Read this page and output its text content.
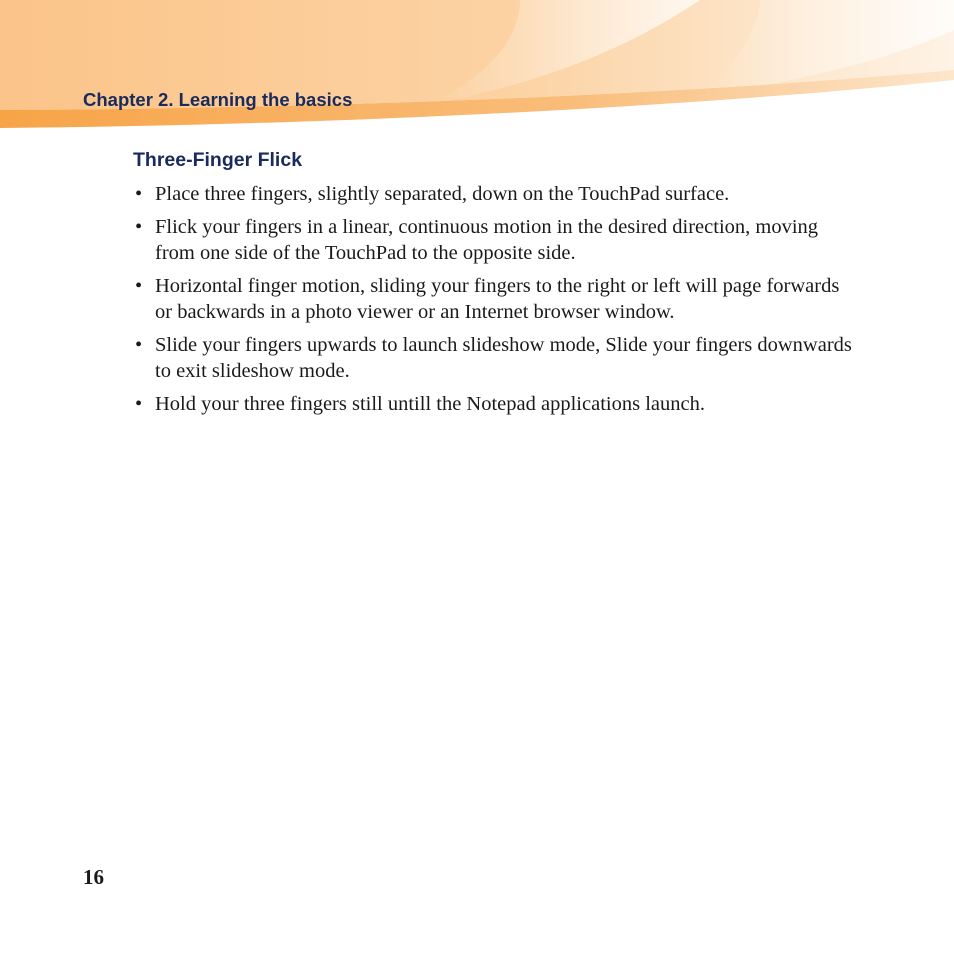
Chapter 2. Learning the basics
Three-Finger Flick
• Place three fingers, slightly separated, down on the TouchPad surface.
• Flick your fingers in a linear, continuous motion in the desired direction, moving from one side of the TouchPad to the opposite side.
• Horizontal finger motion, sliding your fingers to the right or left will page forwards or backwards in a photo viewer or an Internet browser window.
• Slide your fingers upwards to launch slideshow mode, Slide your fingers downwards to exit slideshow mode.
• Hold your three fingers still untill the Notepad applications launch.
16
